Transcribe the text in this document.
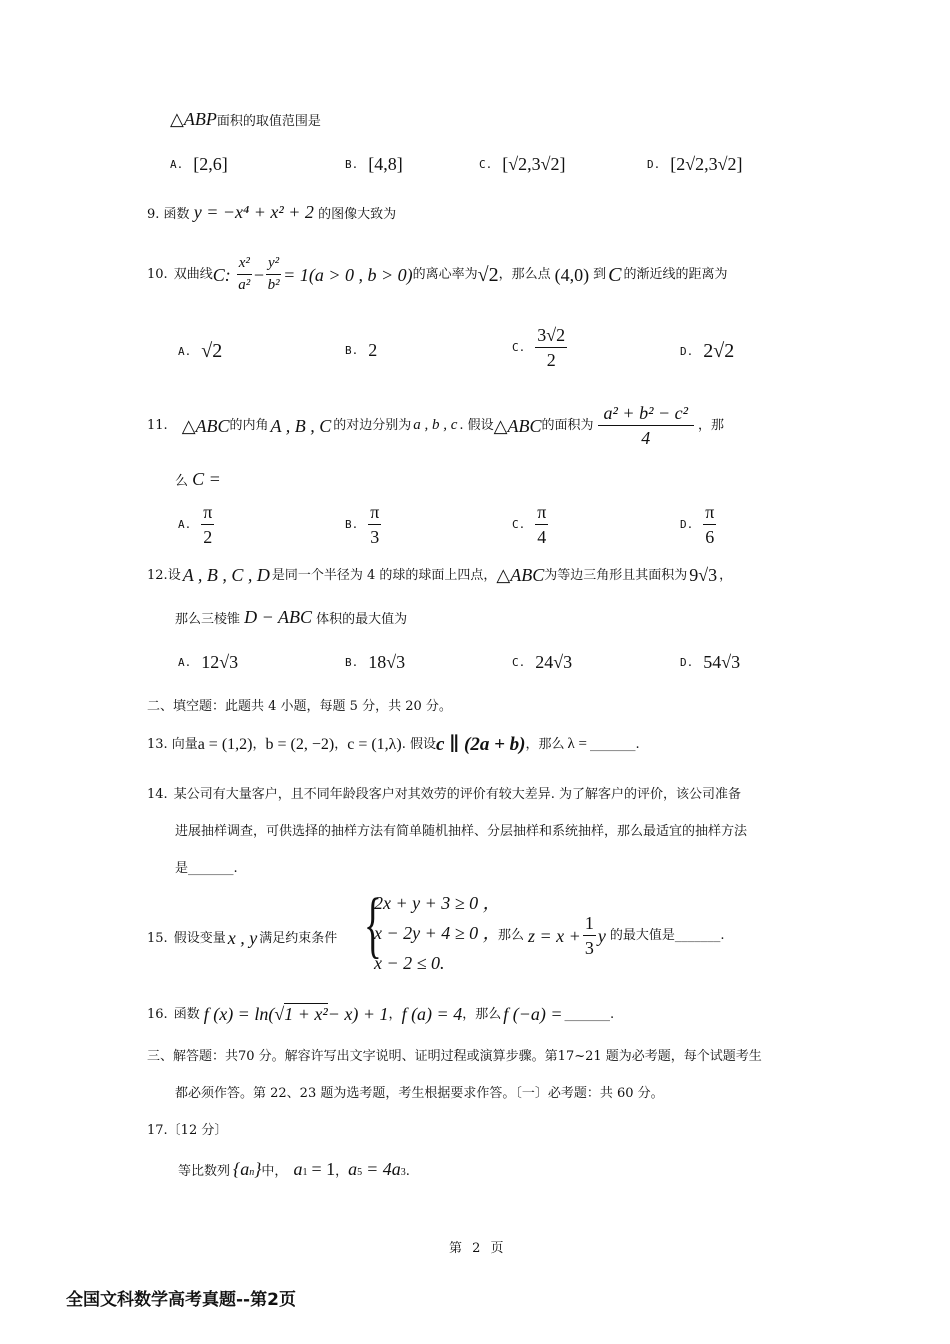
△ABP面积的取值范围是
A. [2,6]	B. [4,8]	C. [√2,3√2]	D. [2√2,3√2]
9. 函数 y = −x⁴ + x² + 2 的图像大致为
10. 双曲线 C: $\frac{\text{x²}}{\text{a²}} - \frac{\text{y²}}{\text{b²}} = 1(a > 0$ , b > 0) 的离心率为 √2 ，那么点 (4,0) 到 C 的渐近线的距离为
A. √2	B. 2	C. $\frac{3√2}{2}$	D. 2√2
11. △ABC 的内角 A , B , C 的对边分别为 a , b , c . 假设 △ABC 的面积为 $\frac{\text{a² + b² − c²}}{4}$ ，那
么 C =
A. $\frac{\pi}{2}$	B. $\frac{\pi}{3}$	C. $\frac{\pi}{4}$	D. $\frac{\pi}{6}$
12. 设 A , B , C , D 是同一个半径为 4 的球的球面上四点， △ABC 为等边三角形且其面积为 9√3 ，
那么三棱锥 D − ABC 体积的最大值为
A. 12√3	B. 18√3	C. 24√3	D. 54√3
二、填空题：此题共 4 小题，每题 5 分，共 20 分。
13. 向量 a = (1,2) ， b = (2, −2) ， c = (1,λ) . 假设 c ∥ (2a + b) ，那么 λ = _______.
14. 某公司有大量客户，且不同年龄段客户对其效劳的评价有较大差异. 为了解客户的评价，该公司准备
进展抽样调查，可供选择的抽样方法有简单随机抽样、分层抽样和系统抽样，那么最适宜的抽样方法
是_______.
15. 假设变量 x , y 满足约束条件 {
2x + y + 3 ≥ 0 ，
x − 2y + 4 ≥ 0 ，
x − 2 ≤ 0.
那么 $z = x + \frac{1}{3}$ y 的最大值是_______.
16. 函数 f (x) = ln( √1 + x² − x) + 1 ， f (a) = 4 ，那么 f (−a) = _______.
三、解答题：共70 分。解容许写出文字说明、证明过程或演算步骤。第17~21 题为必考题，每个试题考生
都必须作答。第 22、23 题为选考题，考生根据要求作答。〔一〕必考题：共 60 分。
17.〔12 分〕
等比数列 {$a_n$ } 中， $a_1 = 1$ ， $a_5 = 4a_3$ .
第 2 页
全国文科数学高考真题--第2页
